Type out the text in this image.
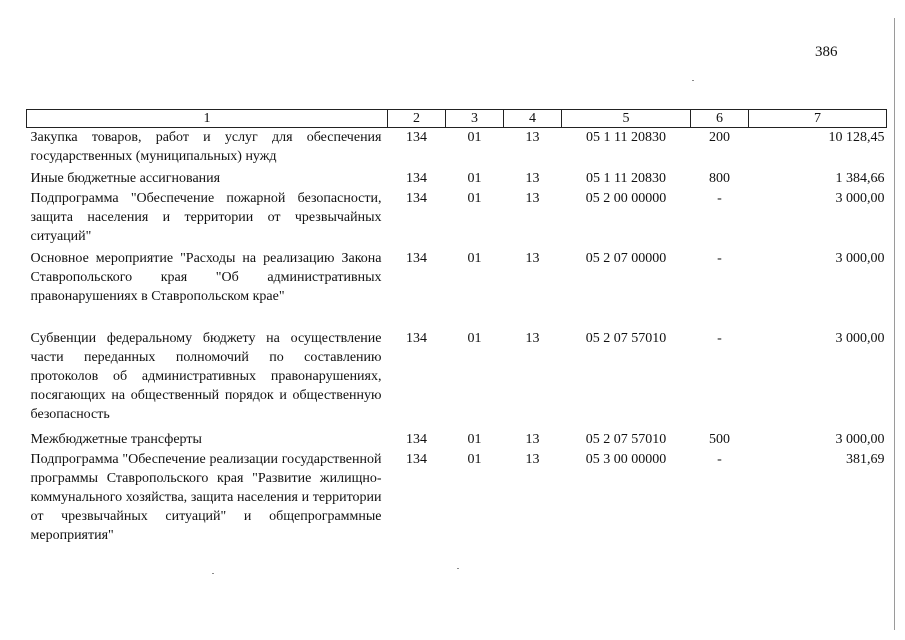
386
1	2	3	4	5	6	7
Закупка товаров, работ и услуг для обеспечения государственных (муниципальных) нужд	134	01	13	05 1 11 20830	200	10 128,45
Иные бюджетные ассигнования	134	01	13	05 1 11 20830	800	1 384,66
Подпрограмма "Обеспечение пожарной безопасности, защита населения и территории от чрезвычайных ситуаций"	134	01	13	05 2 00 00000	-	3 000,00
Основное мероприятие "Расходы на реализацию Закона Ставропольского края "Об административных правонарушениях в Ставропольском крае"	134	01	13	05 2 07 00000	-	3 000,00
Субвенции федеральному бюджету на осуществление части переданных полномочий по составлению протоколов об административных правонарушениях, посягающих на общественный порядок и общественную безопасность	134	01	13	05 2 07 57010	-	3 000,00
Межбюджетные трансферты	134	01	13	05 2 07 57010	500	3 000,00
Подпрограмма "Обеспечение реализации государственной программы Ставропольского края "Развитие жилищно-коммунального хозяйства, защита населения и территории от чрезвычайных ситуаций" и общепрограммные мероприятия"	134	01	13	05 3 00 00000	-	381,69
